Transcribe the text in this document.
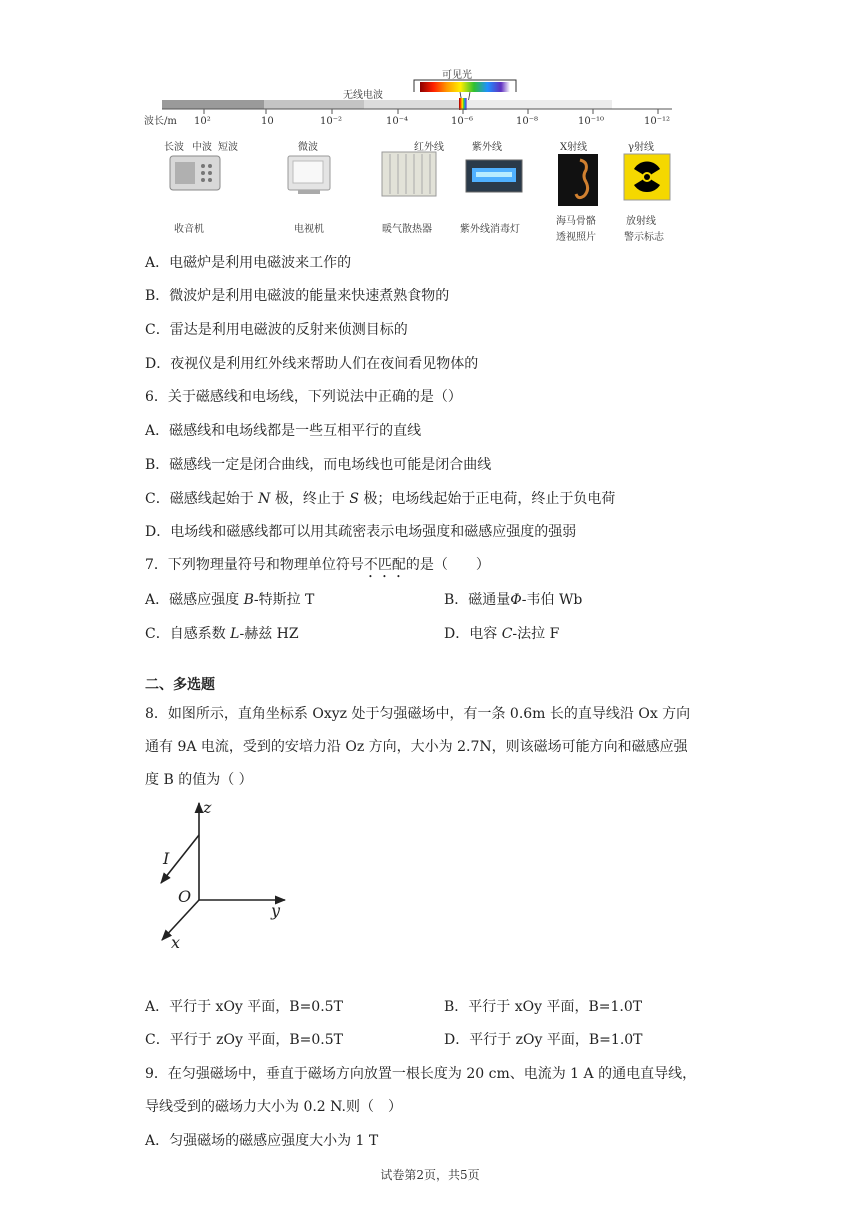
可见光
无线电波
波长/m 10²	10	10⁻²	10⁻⁴	10⁻⁶	10⁻⁸	10⁻¹⁰	10⁻¹²
长波 中波 短波	微波	红外线	紫外线	X射线	γ射线
收音机	电视机	暖气散热器	紫外线消毒灯
海马骨骼
透视照片
放射线
警示标志
A．电磁炉是利用电磁波来工作的
B．微波炉是利用电磁波的能量来快速煮熟食物的
C．雷达是利用电磁波的反射来侦测目标的
D．夜视仪是利用红外线来帮助人们在夜间看见物体的
6．关于磁感线和电场线，下列说法中正确的是（）
A．磁感线和电场线都是一些互相平行的直线
B．磁感线一定是闭合曲线，而电场线也可能是闭合曲线
C．磁感线起始于 N 极，终止于 S 极；电场线起始于正电荷，终止于负电荷
D．电场线和磁感线都可以用其疏密表示电场强度和磁感应强度的强弱
7．下列物理量符号和物理单位符号不匹配的是（　　）
A．磁感应强度 B-特斯拉 T	B．磁通量Φ-韦伯 Wb
C．自感系数 L-赫兹 HZ	D．电容 C-法拉 F
二、多选题
8．如图所示，直角坐标系 Oxyz 处于匀强磁场中，有一条 0.6m 长的直导线沿 Ox 方向
通有 9A 电流，受到的安培力沿 Oz 方向，大小为 2.7N，则该磁场可能方向和磁感应强
度 B 的值为（ ）
z
y
x
O
I
A．平行于 xOy 平面，B=0.5T	B．平行于 xOy 平面，B=1.0T
C．平行于 zOy 平面，B=0.5T	D．平行于 zOy 平面，B=1.0T
9．在匀强磁场中，垂直于磁场方向放置一根长度为 20 cm、电流为 1 A 的通电直导线，
导线受到的磁场力大小为 0.2 N.则（　）
A．匀强磁场的磁感应强度大小为 1 T
试卷第2页，共5页
